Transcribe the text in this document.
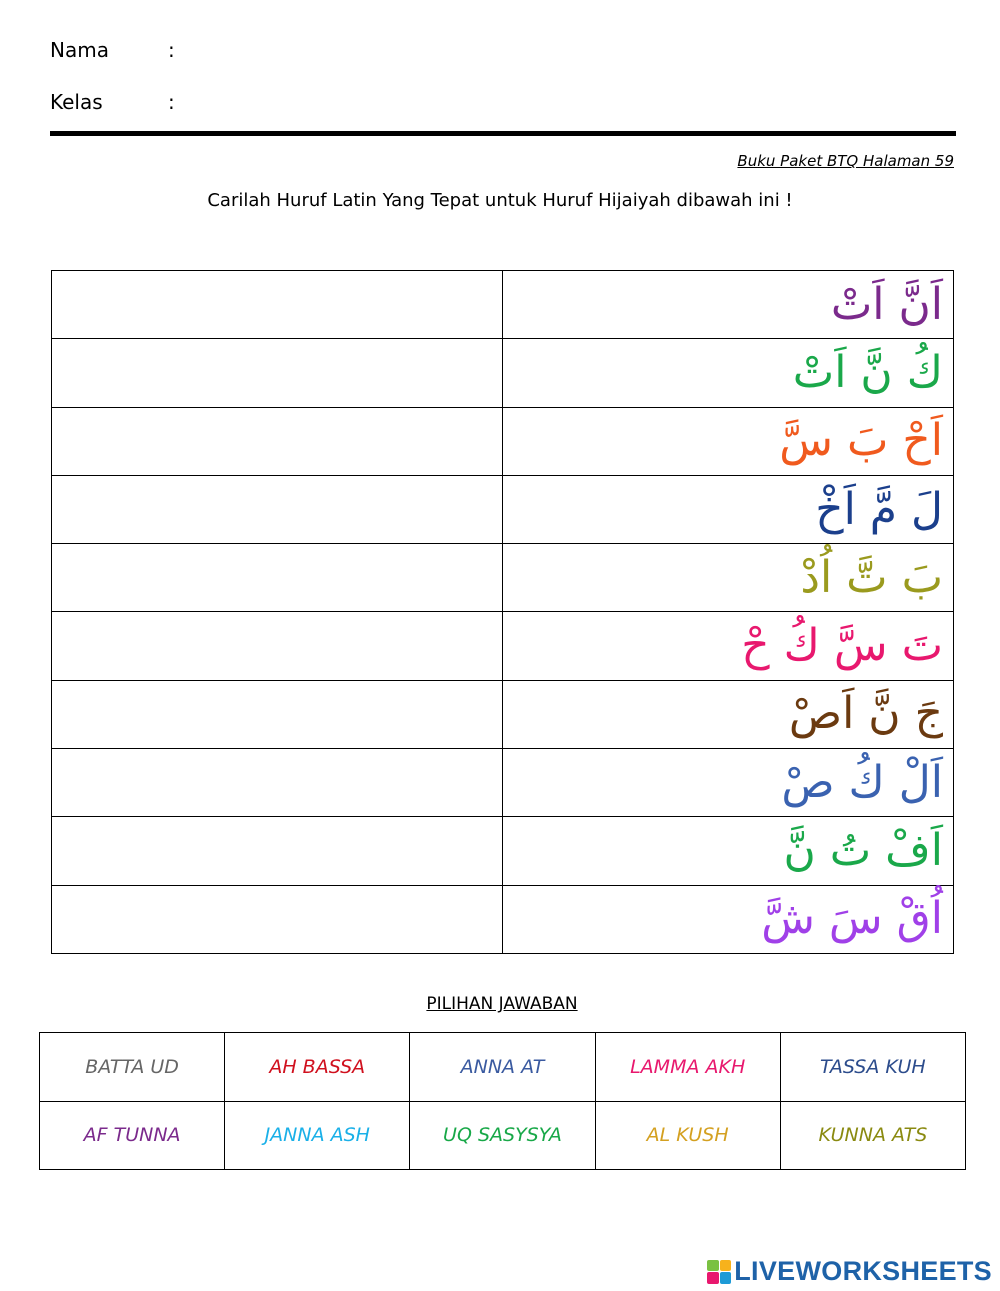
Nama	:
Kelas	:
Buku Paket BTQ Halaman 59
Carilah Huruf Latin Yang Tepat untuk Huruf Hijaiyah dibawah ini !
	اَنَّ اَتْ
	كُ نَّ اَتْ
	اَحْ بَ سَّ
	لَ مَّ اَخْ
	بَ تَّ اُدْ
	تَ سَّ كُ حْ
	جَ نَّ اَصْ
	اَلْ كُ صْ
	اَفْ تُ نَّ
	اُقْ سَ شَّ
PILIHAN JAWABAN
BATTA UD	AH BASSA	ANNA AT	LAMMA AKH	TASSA KUH
AF TUNNA	JANNA ASH	UQ SASYSYA	AL KUSH	KUNNA ATS
LIVEWORKSHEETS
